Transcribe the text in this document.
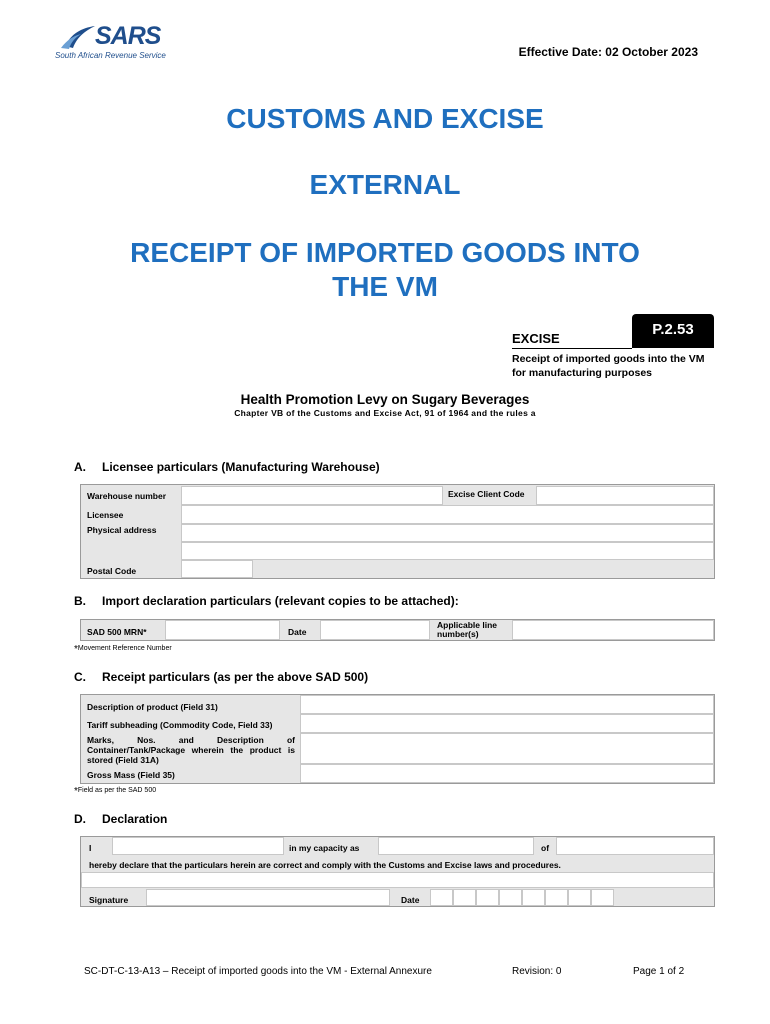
SARS
South African Revenue Service	Effective Date: 02 October 2023
CUSTOMS AND EXCISE
EXTERNAL
RECEIPT OF IMPORTED GOODS INTO
THE VM
EXCISE
P.2.53
Receipt of imported goods into the VM for manufacturing purposes
Health Promotion Levy on Sugary Beverages
Chapter VB of the Customs and Excise Act, 91 of 1964 and the rules a
A. Licensee particulars (Manufacturing Warehouse)
Warehouse number	Excise Client Code
Licensee
Physical address
Postal Code
B. Import declaration particulars (relevant copies to be attached):
SAD 500 MRN*	Date
Applicable line number(s)
*Movement Reference Number
C. Receipt particulars (as per the above SAD 500)
Description of product (Field 31)
Tariff subheading (Commodity Code, Field 33)
Marks, Nos. and Description of Container/Tank/Package wherein the product is stored (Field 31A)
Gross Mass (Field 35)
*Field as per the SAD 500
D. Declaration
I	in my capacity as	of
hereby declare that the particulars herein are correct and comply with the Customs and Excise laws and procedures.
Signature	Date
SC-DT-C-13-A13 – Receipt of imported goods into the VM - External Annexure	Revision: 0	Page 1 of 2
